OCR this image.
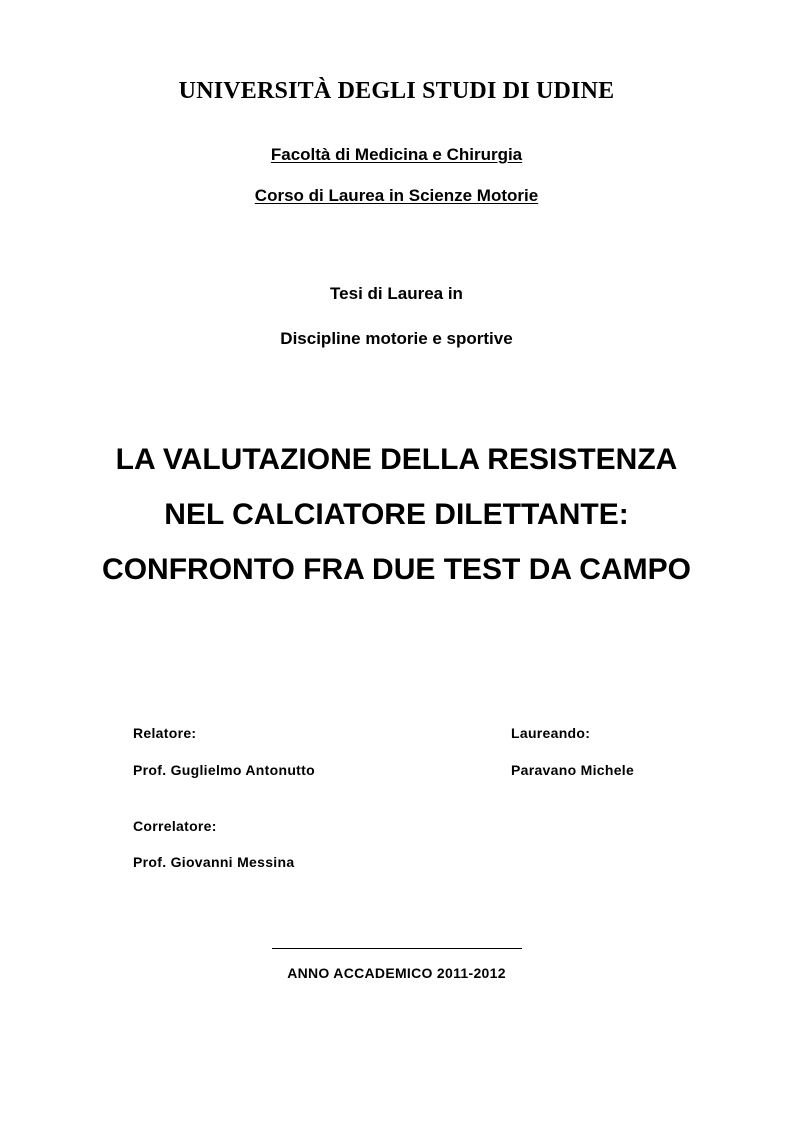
UNIVERSITÀ DEGLI STUDI DI UDINE

Facoltà di Medicina e Chirurgia

Corso di Laurea in Scienze Motorie

Tesi di Laurea in

Discipline motorie e sportive

LA VALUTAZIONE DELLA RESISTENZA
NEL CALCIATORE DILETTANTE:
CONFRONTO FRA DUE TEST DA CAMPO

Relatore:

Prof. Guglielmo Antonutto

Laureando:

Paravano Michele

Correlatore:

Prof. Giovanni Messina

ANNO ACCADEMICO 2011-2012
